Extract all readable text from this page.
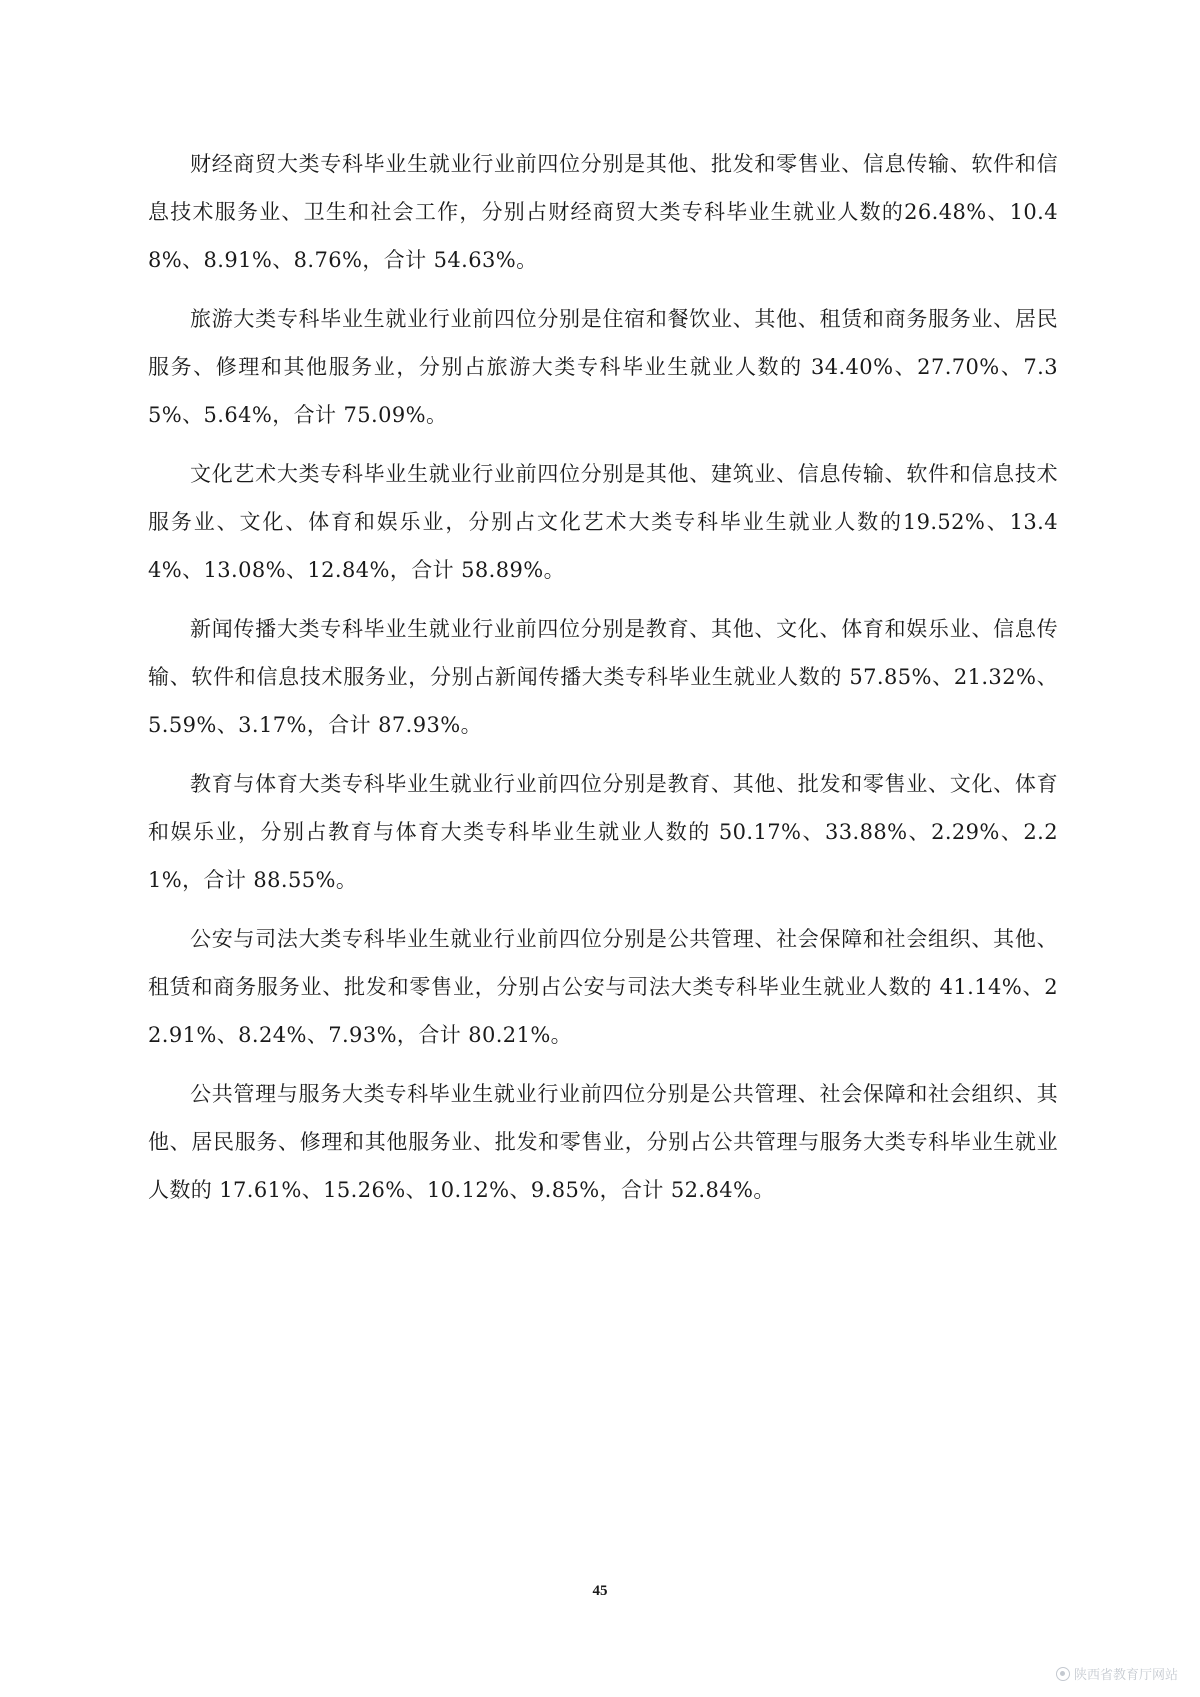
财经商贸大类专科毕业生就业行业前四位分别是其他、批发和零售业、信息传输、软件和信息技术服务业、卫生和社会工作，分别占财经商贸大类专科毕业生就业人数的26.48%、10.48%、8.91%、8.76%，合计 54.63%。

旅游大类专科毕业生就业行业前四位分别是住宿和餐饮业、其他、租赁和商务服务业、居民服务、修理和其他服务业，分别占旅游大类专科毕业生就业人数的 34.40%、27.70%、7.35%、5.64%，合计 75.09%。

文化艺术大类专科毕业生就业行业前四位分别是其他、建筑业、信息传输、软件和信息技术服务业、文化、体育和娱乐业，分别占文化艺术大类专科毕业生就业人数的19.52%、13.44%、13.08%、12.84%，合计 58.89%。

新闻传播大类专科毕业生就业行业前四位分别是教育、其他、文化、体育和娱乐业、信息传输、软件和信息技术服务业，分别占新闻传播大类专科毕业生就业人数的 57.85%、21.32%、5.59%、3.17%，合计 87.93%。

教育与体育大类专科毕业生就业行业前四位分别是教育、其他、批发和零售业、文化、体育和娱乐业，分别占教育与体育大类专科毕业生就业人数的 50.17%、33.88%、2.29%、2.21%，合计 88.55%。

公安与司法大类专科毕业生就业行业前四位分别是公共管理、社会保障和社会组织、其他、租赁和商务服务业、批发和零售业，分别占公安与司法大类专科毕业生就业人数的 41.14%、22.91%、8.24%、7.93%，合计 80.21%。

公共管理与服务大类专科毕业生就业行业前四位分别是公共管理、社会保障和社会组织、其他、居民服务、修理和其他服务业、批发和零售业，分别占公共管理与服务大类专科毕业生就业人数的 17.61%、15.26%、10.12%、9.85%，合计 52.84%。

45
陕西省教育厅网站
